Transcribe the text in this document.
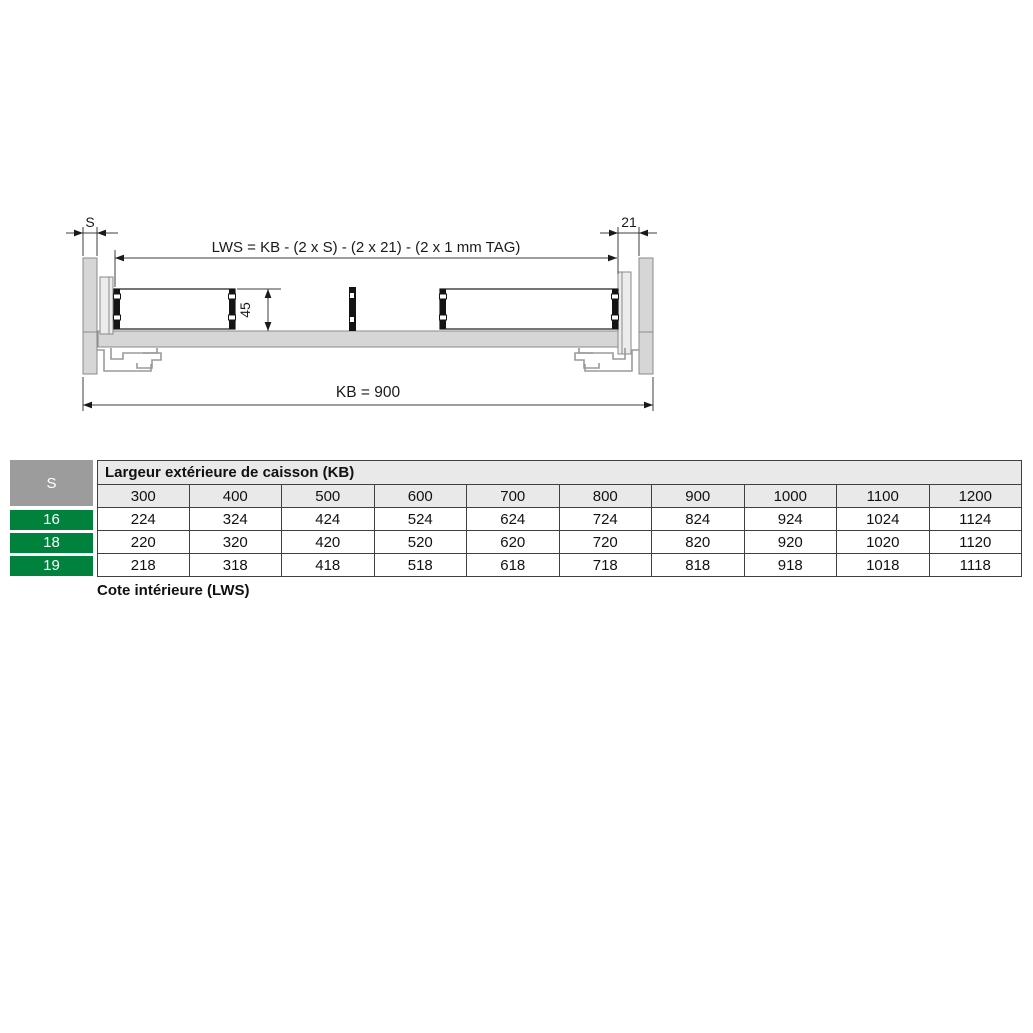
S	21
LWS = KB - (2 x S) - (2 x 21) - (2 x 1 mm TAG)
45
KB = 900
S
Largeur extérieure de caisson (KB)
300	400	500	600	700	800	900	1000	1100	1200
16	224	324	424	524	624	724	824	924	1024	1124
18	220	320	420	520	620	720	820	920	1020	1120
19	218	318	418	518	618	718	818	918	1018	1118
Cote intérieure (LWS)
